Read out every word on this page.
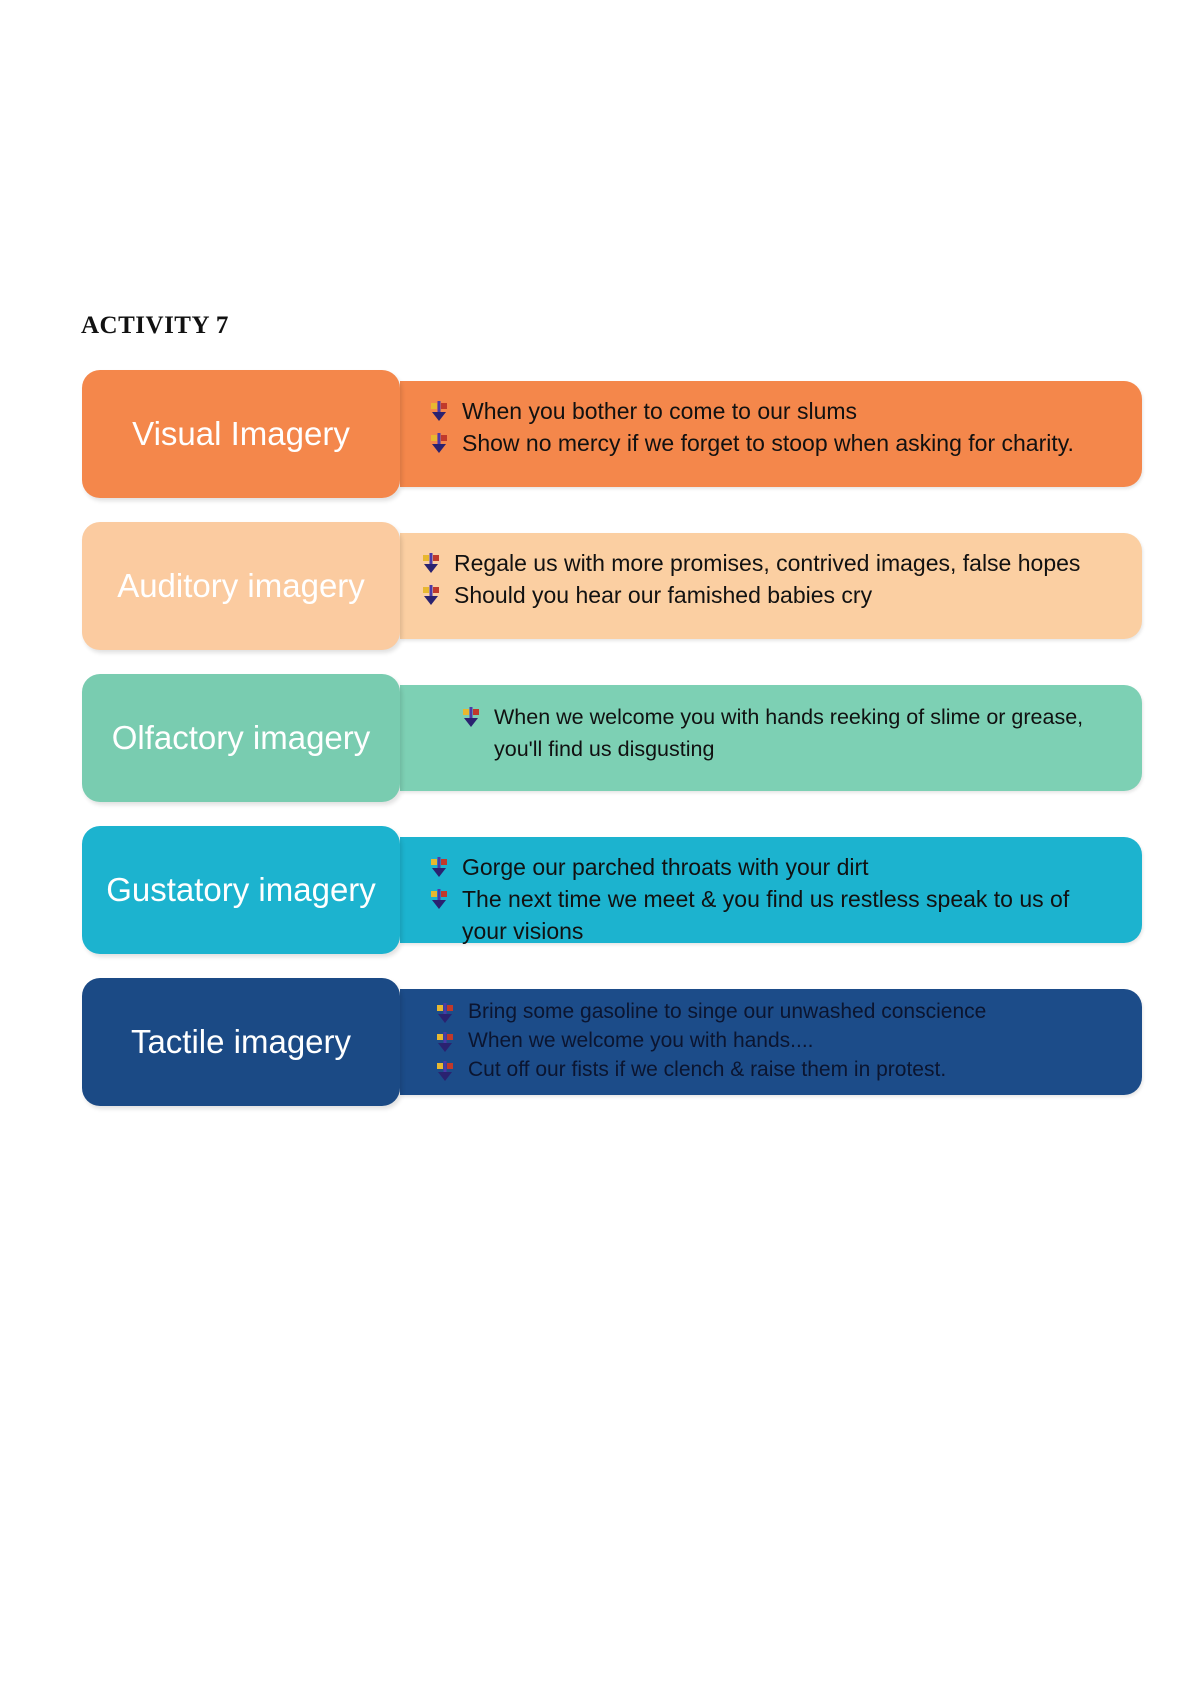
ACTIVITY 7
Visual Imagery
When you bother to come to our slums
Show no mercy if we forget to stoop when asking for charity.
Auditory imagery
Regale us with more promises, contrived images, false hopes
Should you hear our famished babies cry
Olfactory imagery
When we welcome you with hands reeking of slime or grease, you'll find us disgusting
Gustatory imagery
Gorge our parched throats with your dirt
The next time we meet & you find us restless speak to us of your visions
Tactile imagery
Bring some gasoline to singe our unwashed conscience
When we welcome you with hands....
Cut off our fists if we clench & raise them in protest.
